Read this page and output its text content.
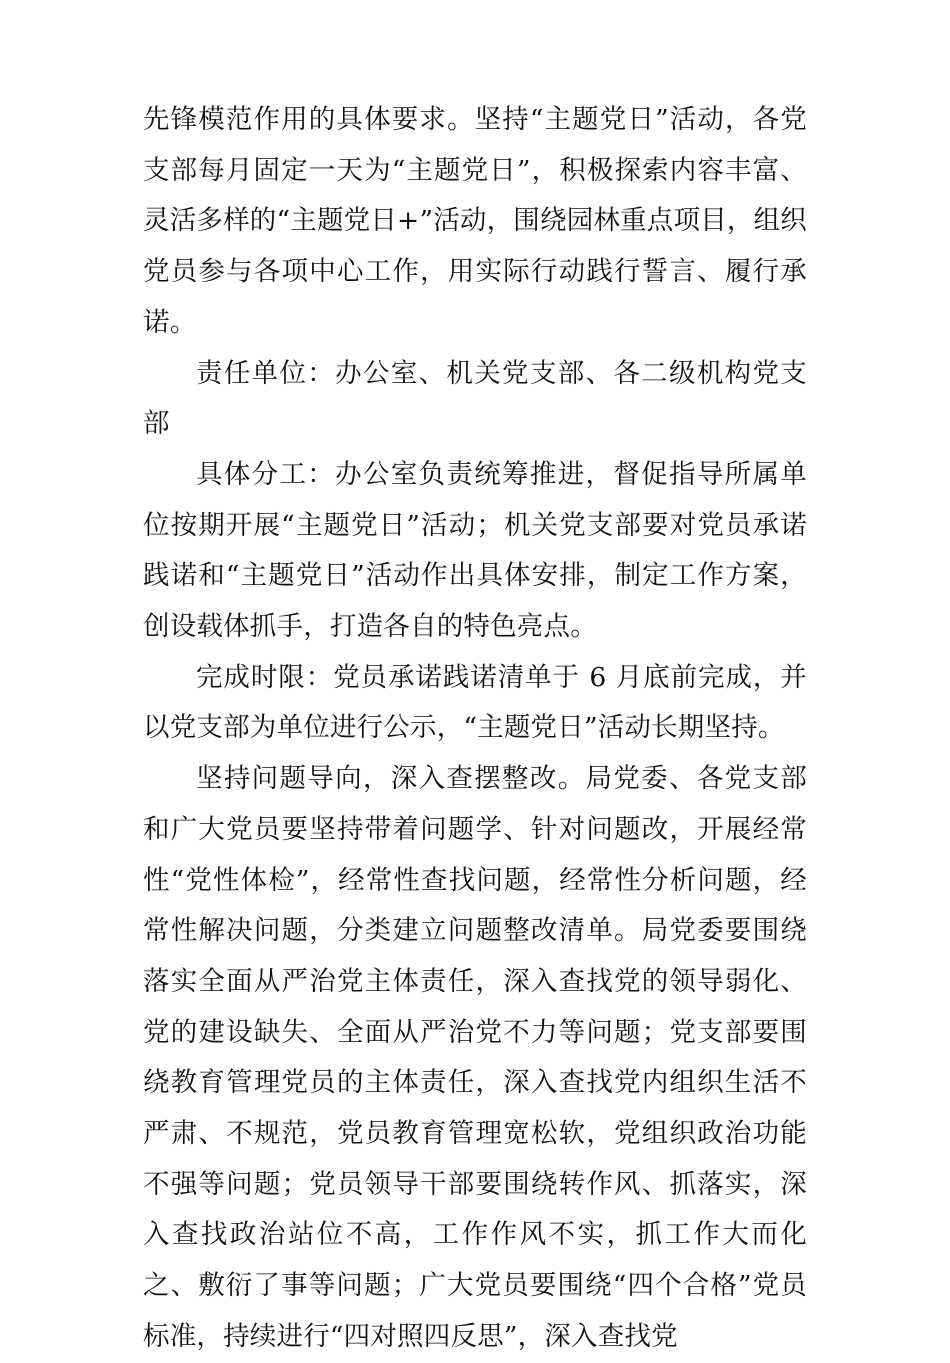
先锋模范作用的具体要求。坚持“主题党日”活动，各党支部每月固定一天为“主题党日”，积极探索内容丰富、灵活多样的“主题党日+”活动，围绕园林重点项目，组织党员参与各项中心工作，用实际行动践行誓言、履行承诺。

责任单位：办公室、机关党支部、各二级机构党支部

具体分工：办公室负责统筹推进，督促指导所属单位按期开展“主题党日”活动；机关党支部要对党员承诺践诺和“主题党日”活动作出具体安排，制定工作方案，创设载体抓手，打造各自的特色亮点。

完成时限：党员承诺践诺清单于 6 月底前完成，并以党支部为单位进行公示，“主题党日”活动长期坚持。

坚持问题导向，深入查摆整改。局党委、各党支部和广大党员要坚持带着问题学、针对问题改，开展经常性“党性体检”，经常性查找问题，经常性分析问题，经常性解决问题，分类建立问题整改清单。局党委要围绕落实全面从严治党主体责任，深入查找党的领导弱化、党的建设缺失、全面从严治党不力等问题；党支部要围绕教育管理党员的主体责任，深入查找党内组织生活不严肃、不规范，党员教育管理宽松软，党组织政治功能不强等问题；党员领导干部要围绕转作风、抓落实，深入查找政治站位不高，工作作风不实，抓工作大而化之、敷衍了事等问题；广大党员要围绕“四个合格”党员标准，持续进行“四对照四反思”，深入查找党
